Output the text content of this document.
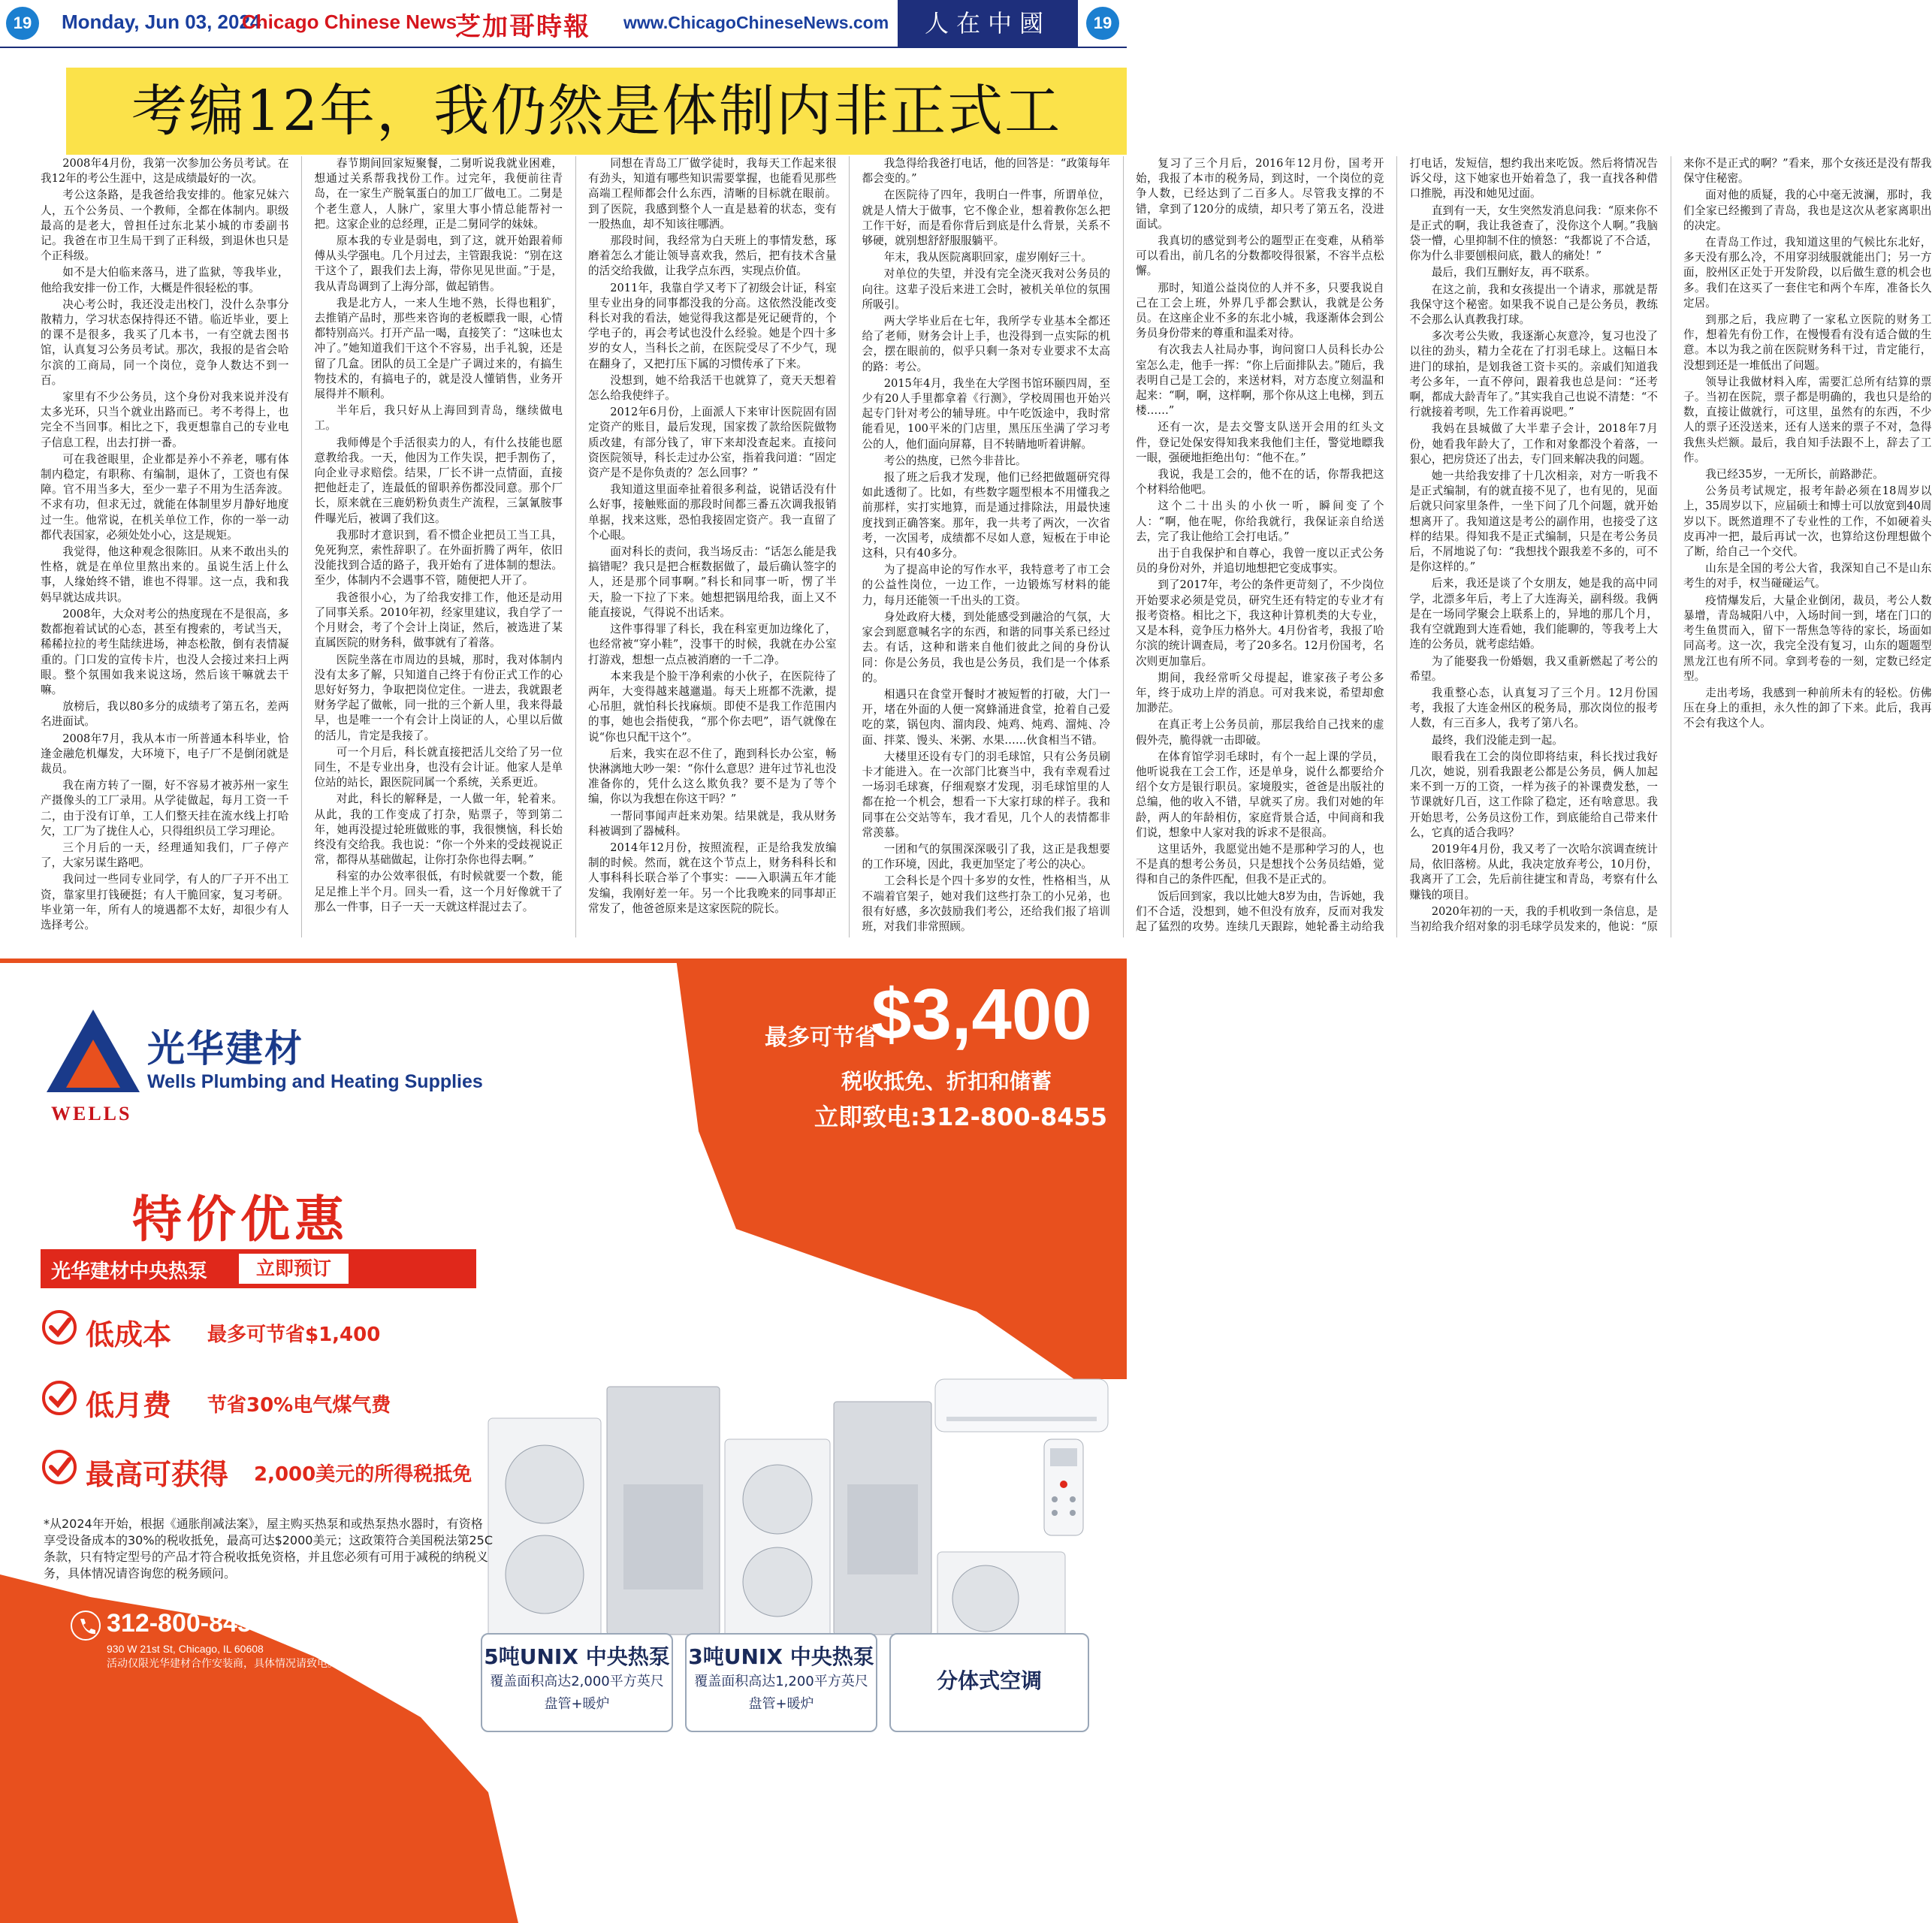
19	Monday, Jun 03, 2024
Chicago Chinese News
芝加哥時報 www.ChicagoChineseNews.com	人在中國	19
考编12年，我仍然是体制内非正式工

2008年4月份，我第一次参加公务员考试。在我12年的考公生涯中，这是成绩最好的一次。

考公这条路，是我爸给我安排的。他家兄妹六人，五个公务员、一个教师，全都在体制内。职级最高的是老大，曾担任过东北某小城的市委副书记。我爸在市卫生局干到了正科级，到退休也只是个正科级。

如不是大伯临来落马，进了监狱，等我毕业，他给我安排一份工作，大概是件很轻松的事。

决心考公时，我还没走出校门，没什么杂事分散精力，学习状态保持得还不错。临近毕业，要上的课不是很多，我买了几本书，一有空就去图书馆，认真复习公务员考试。那次，我报的是省会哈尔滨的工商局，同一个岗位，竞争人数达不到一百。

家里有不少公务员，这个身份对我来说并没有太多光环，只当个就业出路而已。考不考得上，也完全不当回事。相比之下，我更想靠自己的专业电子信息工程，出去打拼一番。

可在我爸眼里，企业都是养小不养老，哪有体制内稳定，有职称、有编制，退休了，工资也有保障。官不用当多大，至少一辈子不用为生活奔波。不求有功，但求无过，就能在体制里岁月静好地度过一生。他常说，在机关单位工作，你的一举一动都代表国家，必须处处小心，这是规矩。

我觉得，他这种观念很陈旧。从来不敢出头的性格，就是在单位里熬出来的。虽说生活上什么事，人缘始终不错，谁也不得罪。这一点，我和我妈早就达成共识。

2008年，大众对考公的热度现在不是很高，多数都抱着试试的心态，甚至有搜索的，考试当天，稀稀拉拉的考生陆续进场，神态松散，倒有表情凝重的。门口发的宣传卡片，也没人会接过来扫上两眼。整个氛围如我来说这场，然后该干嘛就去干嘛。

放榜后，我以80多分的成绩考了第五名，差两名进面试。

2008年7月，我从本市一所普通本科毕业，恰逢金融危机爆发，大环境下，电子厂不是倒闭就是裁员。

我在南方转了一圈，好不容易才被苏州一家生产摄像头的工厂录用。从学徒做起，每月工资一千二，由于没有订单，工人们整天挂在流水线上打哈欠，工厂为了拢住人心，只得组织员工学习理论。

三个月后的一天，经理通知我们，厂子停产了，大家另谋生路吧。

我问过一些同专业同学，有人的厂子开不出工资，靠家里打钱硬挺；有人干脆回家，复习考研。毕业第一年，所有人的境遇都不太好，却很少有人选择考公。

春节期间回家短聚餐，二舅听说我就业困难，想通过关系帮我找份工作。过完年，我便前往青岛，在一家生产脱氧蛋白的加工厂做电工。二舅是个老生意人，人脉广，家里大事小情总能帮衬一把。这家企业的总经理，正是二舅同学的妹妹。

原本我的专业是弱电，到了这，就开始跟着师傅从头学强电。几个月过去，主管跟我说：“别在这干这个了，跟我们去上海，带你见见世面。”于是，我从青岛调到了上海分部，做起销售。

我是北方人，一来人生地不熟，长得也粗犷，去推销产品时，那些来咨询的老板瞟我一眼，心情都特别高兴。打开产品一喝，直接笑了：“这味也太冲了。”她知道我们干这个不容易，出手礼貌，还是留了几盒。团队的员工全是广子调过来的，有搞生物技术的，有搞电子的，就是没人懂销售，业务开展得并不顺利。

半年后，我只好从上海回到青岛，继续做电工。

我师傅是个手活很卖力的人，有什么技能也愿意教给我。一天，他因为工作失误，把手割伤了，向企业寻求赔偿。结果，厂长不讲一点情面，直接把他赶走了，连最低的留职养伤都没同意。那个厂长，原来就在三鹿奶粉负责生产流程，三氯氰胺事件曝光后，被调了我们这。

我那时才意识到，看不惯企业把员工当工具，免死狗烹，索性辞职了。在外面折腾了两年，依旧没能找到合适的路子，我开始有了进体制的想法。至少，体制内不会遇事不管，随便把人开了。

我爸很小心，为了给我安排工作，他还是动用了同事关系。2010年初，经家里建议，我自学了一个月财会，考了个会计上岗证，然后，被选进了某直属医院的财务科，做事就有了着落。

医院坐落在市周边的县城，那时，我对体制内没有太多了解，只知道自己终于有份正式工作的心思好好努力，争取把岗位定住。一进去，我就跟老财务学起了做帐，同一批的三个新人里，我来得最早，也是唯一一个有会计上岗证的人，心里以后做的活儿，肯定是我接了。

可一个月后，科长就直接把活儿交给了另一位同生，不是专业出身，也没有会计证。他家人是单位站的站长，跟医院同属一个系统，关系更近。

对此，科长的解释是，一人做一年，轮着来。从此，我的工作变成了打杂，贴票子，等到第二年，她再没提过轮班做账的事，我很懊恼，科长始终没有交给我。我也说：“你一个外来的受歧视说正常，都得从基础做起，让你打杂你也得去啊。”

科室的办公效率很低，有时候就要一个数，能足足推上半个月。回头一看，这一个月好像就干了那么一件事，日子一天一天就这样混过去了。

同想在青岛工厂做学徒时，我每天工作起来很有劲头，知道有哪些知识需要掌握，也能看见那些高端工程师都会什么东西，清晰的目标就在眼前。到了医院，我感到整个人一直是悬着的状态，变有一股热血，却不知该往哪洒。

那段时间，我经常为白天班上的事情发愁，琢磨着怎么才能让领导喜欢我，然后，把有技术含量的活交给我做，让我学点东西，实现点价值。

2011年，我靠自学又考下了初级会计证，科室里专业出身的同事都没我的分高。这依然没能改变科长对我的看法，她觉得我这都是死记硬背的，个学电子的，再会考试也没什么经验。她是个四十多岁的女人，当科长之前，在医院受尽了不少气，现在翻身了，又把打压下属的习惯传承了下来。

没想到，她不给我活干也就算了，竟天天想着怎么给我使绊子。

2012年6月份，上面派人下来审计医院固有固定资产的账目，最后发现，国家拨了款给医院做物质改建，有部分钱了，审下来却没查起来。直接问资医院领导，科长走过办公室，指着我问道：“固定资产是不是你负责的？怎么回事？”

我知道这里面牵扯着很多利益，说错话没有什么好事，接触账面的那段时间都三番五次调我报销单据，找来这账，恐怕我接固定资产。我一直留了个心眼。

面对科长的责问，我当场反击：“话怎么能是我搞错呢？我只是把合框数据做了，最后确认签字的人，还是那个同事啊。”科长和同事一听，愣了半天，脸一下拉了下来。她想把锅甩给我，面上又不能直接说，气得说不出话来。

这件事得罪了科长，我在科室更加边缘化了，也经常被“穿小鞋”，没事干的时候，我就在办公室打游戏，想想一点点被消磨的一千二净。

本来我是个脸干净利索的小伙子，在医院待了两年，大变得越来越邋遢。每天上班都不洗漱，提心吊胆，就怕科长找麻烦。即使不是我工作范围内的事，她也会指使我，“那个你去吧”，语气就像在说“你也只配干这个”。

后来，我实在忍不住了，跑到科长办公室，畅快淋漓地大吵一架：“你什么意思？进年过节礼也没准备你的，凭什么这么欺负我？要不是为了等个编，你以为我想在你这干吗？”

一帮同事闻声赶来劝架。结果就是，我从财务科被调到了器械科。

2014年12月份，按照流程，正是给我发放编制的时候。然而，就在这个节点上，财务科科长和人事科科长联合举了个事实：——入职满五年才能发编，我刚好差一年。另一个比我晚来的同事却正常发了，他爸爸原来是这家医院的院长。

我急得给我爸打电话，他的回答是：“政策每年都会变的。”

在医院待了四年，我明白一件事，所谓单位，就是人情大于做事，它不像企业，想着教你怎么把工作干好，而是看你背后到底是什么背景，关系不够硬，就别想舒舒服服躺平。

年末，我从医院离职回家，虚岁刚好三十。

对单位的失望，并没有完全浇灭我对公务员的向往。这辈子没后来进工会时，被机关单位的氛围所吸引。

两大学毕业后在七年，我所学专业基本全都还给了老师，财务会计上手，也没得到一点实际的机会，摆在眼前的，似乎只剩一条对专业要求不太高的路：考公。

2015年4月，我坐在大学图书馆环颐四周，至少有20人手里都拿着《行测》，学校周围也开始兴起专门针对考公的辅导班。中午吃饭途中，我时常能看见，100平米的门店里，黑压压坐满了学习考公的人，他们面向屏幕，目不转睛地听着讲解。

考公的热度，已然今非昔比。

报了班之后我才发现，他们已经把做题研究得如此透彻了。比如，有些数字题型根本不用懂我之前那样，实打实地算，而是通过排除法，用最快速度找到正确答案。那年，我一共考了两次，一次省考，一次国考，成绩都不尽如人意，短板在于申论这科，只有40多分。

为了提高申论的写作水平，我特意考了市工会的公益性岗位，一边工作，一边锻炼写材料的能力，每月还能领一千出头的工资。

身处政府大楼，到处能感受到融洽的气氛，大家会到愿意喊名字的东西，和谐的同事关系已经过去。有话，这种和谐来自他们彼此之间的身份认同：你是公务员，我也是公务员，我们是一个体系的。

相遇只在食堂开餐时才被短暂的打破，大门一开，堵在外面的人便一窝蜂涌进食堂，抢着自己爱吃的菜，锅包肉、溜肉段、炖鸡、炖鸡、溜炖、冷面、拌菜、馒头、米粥、水果……伙食相当不错。

大楼里还设有专门的羽毛球馆，只有公务员刷卡才能进入。在一次部门比赛当中，我有幸观看过一场羽毛球赛，仔细观察才发现，羽毛球馆里的人都在抢一个机会，想看一下大家打球的样子。我和同事在公交站等车，我才看见，几个人的表情都非常羡慕。

一团和气的氛围深深吸引了我，这正是我想要的工作环境，因此，我更加坚定了考公的决心。

工会科长是个四十多岁的女性，性格相当，从不端着官架子，她对我们这些打杂工的小兄弟，也很有好感，多次鼓励我们考公，还给我们报了培训班，对我们非常照顾。

复习了三个月后，2016年12月份，国考开始，我报了本市的税务局，到这时，一个岗位的竞争人数，已经达到了二百多人。尽管我支撑的不错，拿到了120分的成绩，却只考了第五名，没进面试。

我真切的感觉到考公的题型正在变难，从稍举可以看出，前几名的分数都咬得很紧，不容半点松懈。

那时，知道公益岗位的人并不多，只要我说自己在工会上班，外界几乎都会默认，我就是公务员。在这座企业不多的东北小城，我逐渐体会到公务员身份带来的尊重和温柔对待。

有次我去人社局办事，询问窗口人员科长办公室怎么走，他手一挥：“你上后面排队去。”随后，我表明自己是工会的，来送材料，对方态度立刻温和起来：“啊，啊，这样啊，那个你从这上电梯，到五楼……”

还有一次，是去交警支队送开会用的红头文件，登记处保安得知我来我他们主任，警觉地瞟我一眼，强硬地拒绝出句：“他不在。”

我说，我是工会的，他不在的话，你帮我把这个材料给他吧。

这个二十出头的小伙一听，瞬间变了个人：“啊，他在呢，你给我就行，我保证亲自给送去，完了我让他给工会打电话。”

出于自我保护和自尊心，我曾一度以正式公务员的身份对外，并追切地想把它变成事实。

到了2017年，考公的条件更苛刻了，不少岗位开始要求必须是党员，研究生还有特定的专业才有报考资格。相比之下，我这种计算机类的大专业，又是本科，竞争压力格外大。4月份省考，我报了哈尔滨的统计调查局，考了20多名。12月份国考，名次则更加靠后。

期间，我经常听父母提起，谁家孩子考公多年，终于成功上岸的消息。可对我来说，希望却愈加渺茫。

在真正考上公务员前，那层我给自己找来的虚假外壳，脆得就一击即破。

在体育馆学羽毛球时，有个一起上课的学员，他听说我在工会工作，还是单身，说什么都要给介绍个女方是银行职员。家境殷实，爸爸是出版社的总编，他的收入不错，早就买了房。我们对她的年龄，两人的年龄相仿，家庭背景合适，中间商和我们说，想象中人家对我的诉求不是很高。

这里话外，我愿觉出她不是那种学习的人，也不是真的想考公务员，只是想找个公务员结婚，觉得和自己的条件匹配，但我不是正式的。

饭后回到家，我以比她大8岁为由，告诉她，我们不合适，没想到，她不但没有放弃，反而对我发起了猛烈的攻势。连续几天跟踪，她轮番主动给我打电话，发短信，想约我出来吃饭。然后将情况告诉父母，这下她家也开始着急了，我一直找各种借口推脱，再没和她见过面。

直到有一天，女生突然发消息问我：“原来你不是正式的啊，我让我爸查了，没你这个人啊。”我脑袋一懵，心里抑制不住的愤怒：“我都说了不合适，你为什么非要刨根问底，戳人的痛处！”

最后，我们互删好友，再不联系。

在这之前，我和女孩提出一个请求，那就是帮我保守这个秘密。如果我不说自己是公务员，教练不会那么认真教我打球。

多次考公失败，我逐渐心灰意冷，复习也没了以往的劲头，精力全花在了打羽毛球上。这幅日本进门的球拍，是划我爸工资卡买的。亲戚们知道我考公多年，一直不停问，跟着我也总是问：“还考啊，都成大龄青年了。”其实我自己也说不清楚：“不行就接着考呗，先工作着再说吧。”

我妈在县城做了大半辈子会计，2018年7月份，她看我年龄大了，工作和对象都没个着落，一狠心，把房贷还了出去，专门回来解决我的问题。

她一共给我安排了十几次相亲，对方一听我不是正式编制，有的就直接不见了，也有见的，见面后就只问家里条件，一坐下问了几个问题，就开始想离开了。我知道这是考公的副作用，也接受了这样的结果。得知我不是正式编制，只是在考公务员后，不屑地说了句：“我想找个跟我差不多的，可不是你这样的。”

后来，我还是谈了个女朋友，她是我的高中同学，北漂多年后，考上了大连海关，副科级。我俩是在一场同学聚会上联系上的，异地的那几个月，我有空就跑到大连看她，我们能聊的，等我考上大连的公务员，就考虑结婚。

为了能娶我一份婚姻，我又重新燃起了考公的希望。

我重整心态，认真复习了三个月。12月份国考，我报了大连金州区的税务局，那次岗位的报考人数，有三百多人，我考了第八名。

最终，我们没能走到一起。

眼看我在工会的岗位即将结束，科长找过我好几次，她说，别看我跟老公都是公务员，俩人加起来不到一万的工资，一样为孩子的补课费发愁，一节课就好几百，这工作除了稳定，还有啥意思。我开始思考，公务员这份工作，到底能给自己带来什么，它真的适合我吗？

2019年4月份，我又考了一次哈尔滨调查统计局，依旧落榜。从此，我决定放弃考公，10月份，我离开了工会，先后前往捷宝和青岛，考察有什么赚钱的项目。

2020年初的一天，我的手机收到一条信息，是当初给我介绍对象的羽毛球学员发来的，他说：“原来你不是正式的啊？”看来，那个女孩还是没有帮我保守住秘密。

面对他的质疑，我的心中毫无波澜，那时，我们全家已经搬到了青岛，我也是这次从老家离职出的决定。

在青岛工作过，我知道这里的气候比东北好，多天没有那么冷，不用穿羽绒服就能出门；另一方面，胶州区正处于开发阶段，以后做生意的机会也多。我们在这买了一套住宅和两个车库，准备长久定居。

到那之后，我应聘了一家私立医院的财务工作，想着先有份工作，在慢慢看有没有适合做的生意。本以为我之前在医院财务科干过，肯定能行，没想到还是一堆低出了问题。

领导让我做材料入库，需要汇总所有结算的票子。当初在医院，票子都是明确的，我也只是给的数，直接让做就行，可这里，虽然有的东西，不少人的票子还没送来，还有人送来的票子不对，急得我焦头烂额。最后，我自知手法跟不上，辞去了工作。

我已经35岁，一无所长，前路渺茫。

公务员考试规定，报考年龄必须在18周岁以上，35周岁以下，应届硕士和博士可以放宽到40周岁以下。既然道理不了专业性的工作，不如硬着头皮再冲一把，最后再试一次，也算给这份理想做个了断，给自己一个交代。

山东是全国的考公大省，我深知自己不是山东考生的对手，权当碰碰运气。

疫情爆发后，大量企业倒闭，裁员，考公人数暴增，青岛城阳八中，入场时间一到，堵在门口的考生鱼贯而入，留下一帮焦急等待的家长，场面如同高考。这一次，我完全没有复习，山东的题题型黑龙江也有所不同。拿到考卷的一刻，定数已经定型。

走出考场，我感到一种前所未有的轻松。仿佛压在身上的重担，永久性的卸了下来。此后，我再不会有我这个人。

光华建材
Wells Plumbing and Heating Supplies
WELLS
最多可节省
$3,400
税收抵免、折扣和储蓄
立即致电:312-800-8455
特价优惠
光华建材中央热泵	立即预订
低成本 最多可节省$1,400
低月费 节省30%电气煤气费
最高可获得 2,000美元的所得税抵免
*从2024年开始，根据《通胀削减法案》，屋主购买热泵和或热泵热水器时，有资格享受设备成本的30%的税收抵免，最高可达$2000美元；这政策符合美国税法第25C条款，只有特定型号的产品才符合税收抵免资格，并且您必须有可用于减税的纳税义务，具体情况请咨询您的税务顾问。
312-800-8455
930 W 21st St, Chicago, IL 60608
活动仅限光华建材合作安装商，具体情况请致电。	5吨UNIX 中央热泵
覆盖面积高达2,000平方英尺
盘管+暖炉
3吨UNIX 中央热泵
覆盖面积高达1,200平方英尺
盘管+暖炉
分体式空调
